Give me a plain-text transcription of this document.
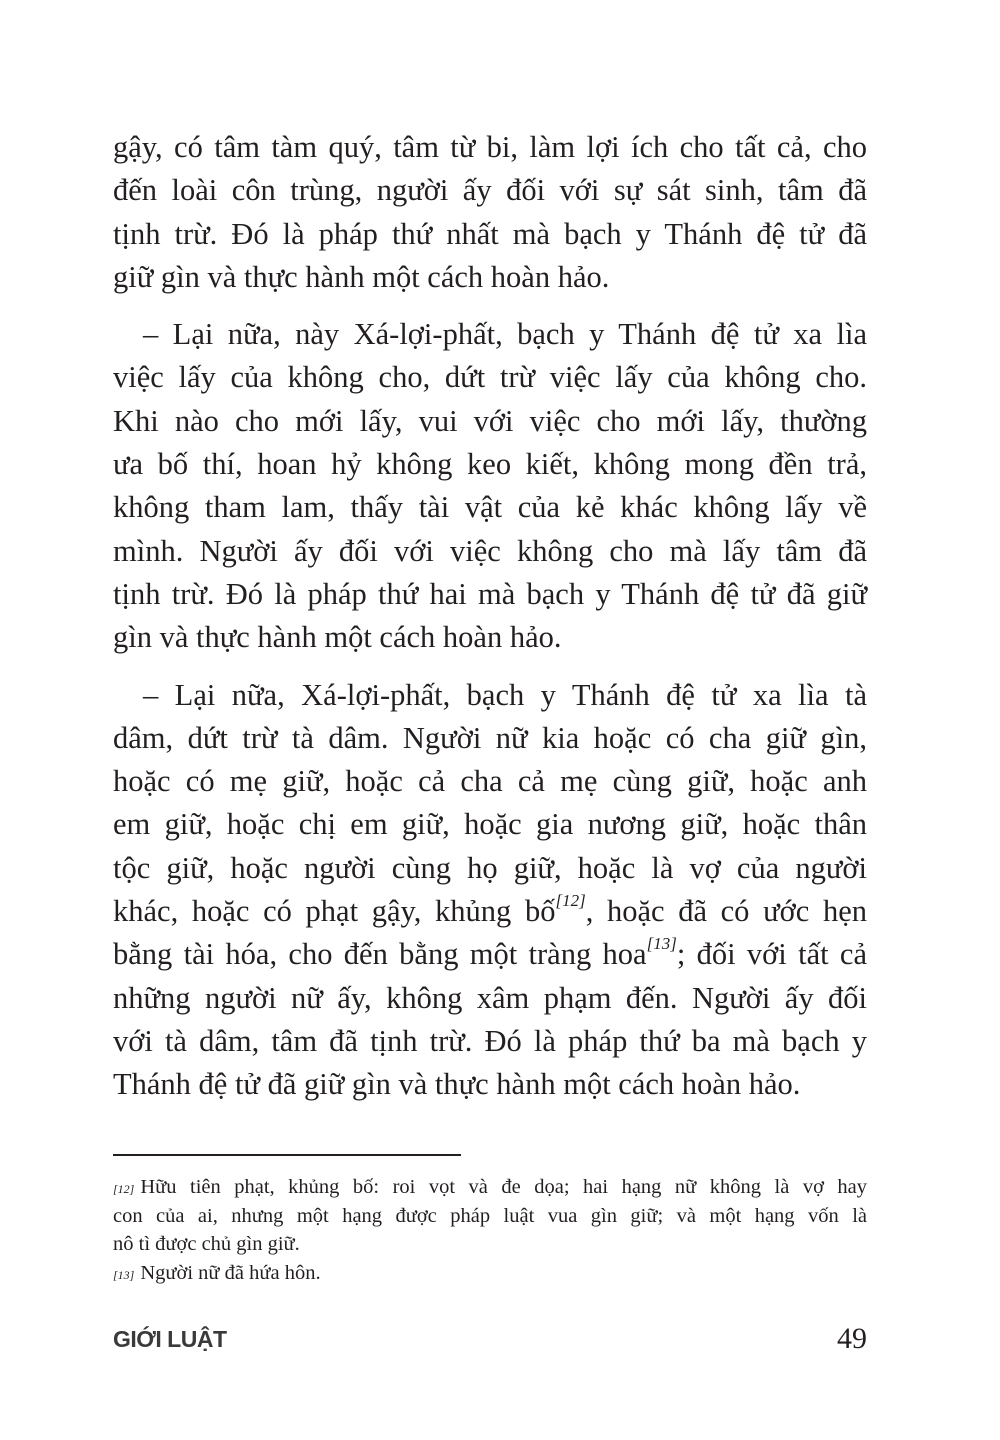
gậy, có tâm tàm quý, tâm từ bi, làm lợi ích cho tất cả, cho
đến loài côn trùng, người ấy đối với sự sát sinh, tâm đã
tịnh trừ. Đó là pháp thứ nhất mà bạch y Thánh đệ tử đã
giữ gìn và thực hành một cách hoàn hảo.
– Lại nữa, này Xá-lợi-phất, bạch y Thánh đệ tử xa lìa
việc lấy của không cho, dứt trừ việc lấy của không cho.
Khi nào cho mới lấy, vui với việc cho mới lấy, thường
ưa bố thí, hoan hỷ không keo kiết, không mong đền trả,
không tham lam, thấy tài vật của kẻ khác không lấy về
mình. Người ấy đối với việc không cho mà lấy tâm đã
tịnh trừ. Đó là pháp thứ hai mà bạch y Thánh đệ tử đã giữ
gìn và thực hành một cách hoàn hảo.
– Lại nữa, Xá-lợi-phất, bạch y Thánh đệ tử xa lìa tà
dâm, dứt trừ tà dâm. Người nữ kia hoặc có cha giữ gìn,
hoặc có mẹ giữ, hoặc cả cha cả mẹ cùng giữ, hoặc anh
em giữ, hoặc chị em giữ, hoặc gia nương giữ, hoặc thân
tộc giữ, hoặc người cùng họ giữ, hoặc là vợ của người
khác, hoặc có phạt gậy, khủng bố[12], hoặc đã có ước hẹn
bằng tài hóa, cho đến bằng một tràng hoa[13]; đối với tất cả
những người nữ ấy, không xâm phạm đến. Người ấy đối
với tà dâm, tâm đã tịnh trừ. Đó là pháp thứ ba mà bạch y
Thánh đệ tử đã giữ gìn và thực hành một cách hoàn hảo.
[12] Hữu tiên phạt, khủng bố: roi vọt và đe dọa; hai hạng nữ không là vợ hay
con của ai, nhưng một hạng được pháp luật vua gìn giữ; và một hạng vốn là
nô tì được chủ gìn giữ.
[13] Người nữ đã hứa hôn.
GIỚI LUẬT	49
